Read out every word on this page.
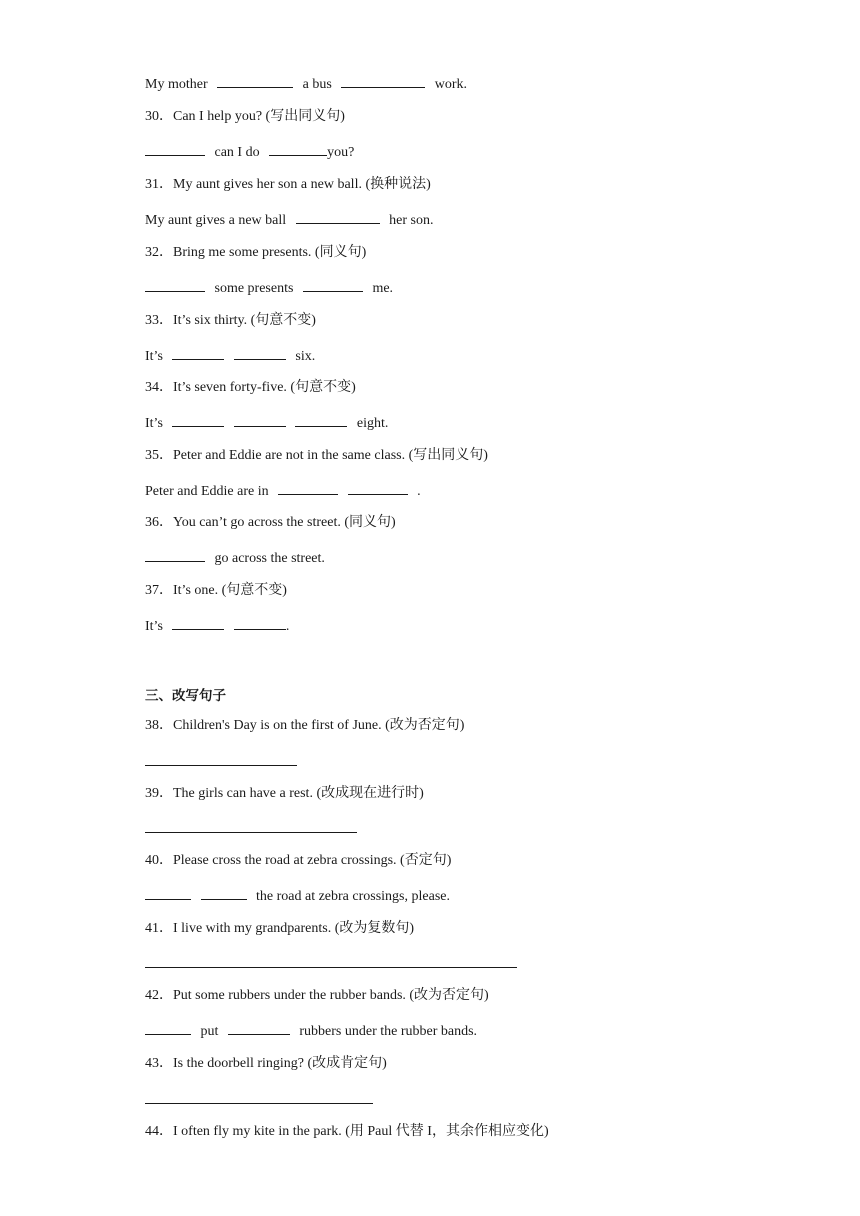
My mother	a bus	work.
30．Can I help you? (写出同义句)
can I do	you?
31．My aunt gives her son a new ball. (换种说法)
My aunt gives a new ball	her son.
32．Bring me some presents. (同义句)
some presents	me.
33．It’s six thirty. (句意不变)
It’s	six.
34．It’s seven forty-five. (句意不变)
It’s	eight.
35．Peter and Eddie are not in the same class. (写出同义句)
Peter and Eddie are in	.
36．You can’t go across the street. (同义句)
go across the street.
37．It’s one. (句意不变)
It’s	.
三、改写句子
38．Children's Day is on the first of June. (改为否定句)
39．The girls can have a rest. (改成现在进行时)
40．Please cross the road at zebra crossings. (否定句)
the road at zebra crossings, please.
41．I live with my grandparents. (改为复数句)
42．Put some rubbers under the rubber bands. (改为否定句)
put	rubbers under the rubber bands.
43．Is the doorbell ringing? (改成肯定句)
44．I often fly my kite in the park. (用 Paul 代替 I，其余作相应变化)
